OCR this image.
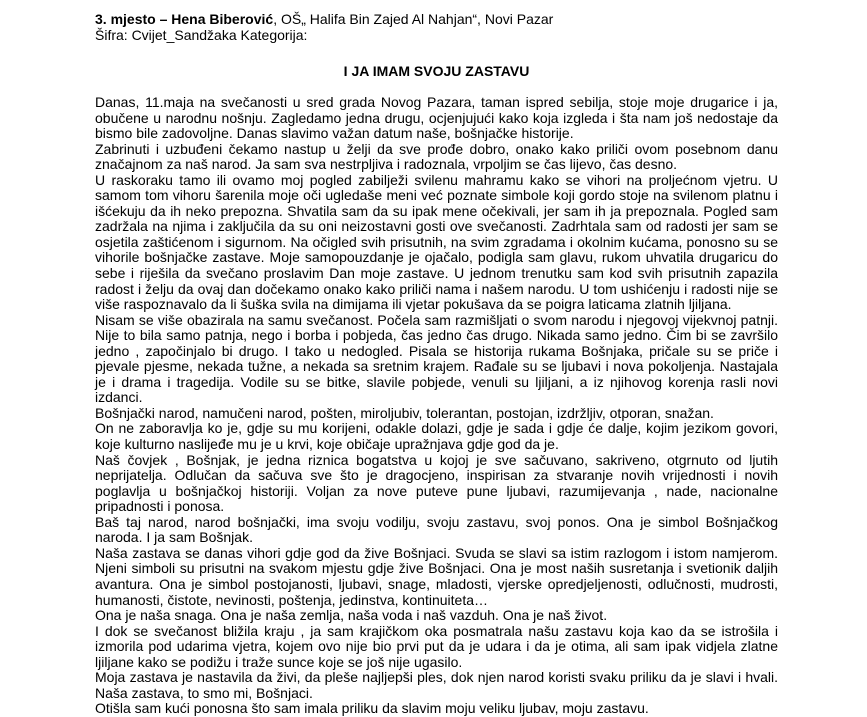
3. mjesto – Hena Biberović, OŠ„ Halifa Bin Zajed Al Nahjan“, Novi Pazar
Šifra: Cvijet_Sandžaka Kategorija:
I JA IMAM SVOJU ZASTAVU

Danas, 11.maja na svečanosti u sred grada Novog Pazara, taman ispred sebilja, stoje moje drugarice i ja, obučene u narodnu nošnju. Zagledamo jedna drugu, ocjenjujući kako koja izgleda i šta nam još nedostaje da bismo bile zadovoljne. Danas slavimo važan datum naše, bošnjačke historije.

Zabrinuti i uzbuđeni čekamo nastup u želji da sve prođe dobro, onako kako priliči ovom posebnom danu značajnom za naš narod. Ja sam sva nestrpljiva i radoznala, vrpoljim se čas lijevo, čas desno.

U raskoraku tamo ili ovamo moj pogled zabilježi svilenu mahramu kako se vihori na proljećnom vjetru. U samom tom vihoru šarenila moje oči ugledaše meni već poznate simbole koji gordo stoje na svilenom platnu i išćekuju da ih neko prepozna. Shvatila sam da su ipak mene očekivali, jer sam ih ja prepoznala. Pogled sam zadržala na njima i zaključila da su oni neizostavni gosti ove svečanosti. Zadrhtala sam od radosti jer sam se osjetila zaštićenom i sigurnom. Na očigled svih prisutnih, na svim zgradama i okolnim kućama, ponosno su se vihorile bošnjačke zastave. Moje samopouzdanje je ojačalo, podigla sam glavu, rukom uhvatila drugaricu do sebe i riješila da svečano proslavim Dan moje zastave. U jednom trenutku sam kod svih prisutnih zapazila radost i želju da ovaj dan dočekamo onako kako priliči nama i našem narodu. U tom ushićenju i radosti nije se više raspoznavalo da li šuška svila na dimijama ili vjetar pokušava da se poigra laticama zlatnih ljiljana.

Nisam se više obazirala na samu svečanost. Počela sam razmišljati o svom narodu i njegovoj vijekvnoj patnji. Nije to bila samo patnja, nego i borba i pobjeda, čas jedno čas drugo. Nikada samo jedno. Čim bi se završilo jedno , započinjalo bi drugo. I tako u nedogled. Pisala se historija rukama Bošnjaka, pričale su se priče i pjevale pjesme, nekada tužne, a nekada sa sretnim krajem. Rađale su se ljubavi i nova pokoljenja. Nastajala je i drama i tragedija. Vodile su se bitke, slavile pobjede, venuli su ljiljani, a iz njihovog korenja rasli novi izdanci.

Bošnjački narod, namučeni narod, pošten, miroljubiv, tolerantan, postojan, izdržljiv, otporan, snažan.

On ne zaboravlja ko je, gdje su mu korijeni, odakle dolazi, gdje je sada i gdje će dalje, kojim jezikom govori, koje kulturno naslijeđe mu je u krvi, koje običaje upražnjava gdje god da je.

Naš čovjek , Bošnjak, je jedna riznica bogatstva u kojoj je sve sačuvano, sakriveno, otgrnuto od ljutih neprijatelja. Odlučan da sačuva sve što je dragocjeno, inspirisan za stvaranje novih vrijednosti i novih poglavlja u bošnjačkoj historiji. Voljan za nove puteve pune ljubavi, razumijevanja , nade, nacionalne pripadnosti i ponosa.

Baš taj narod, narod bošnjački, ima svoju vodilju, svoju zastavu, svoj ponos. Ona je simbol Bošnjačkog naroda. I ja sam Bošnjak.

Naša zastava se danas vihori gdje god da žive Bošnjaci. Svuda se slavi sa istim razlogom i istom namjerom. Njeni simboli su prisutni na svakom mjestu gdje žive Bošnjaci. Ona je most naših susretanja i svetionik daljih avantura. Ona je simbol postojanosti, ljubavi, snage, mladosti, vjerske opredjeljenosti, odlučnosti, mudrosti, humanosti, čistote, nevinosti, poštenja, jedinstva, kontinuiteta…

Ona je naša snaga. Ona je naša zemlja, naša voda i naš vazduh. Ona je naš život.

I dok se svečanost bližila kraju , ja sam krajičkom oka posmatrala našu zastavu koja kao da se istrošila i izmorila pod udarima vjetra, kojem ovo nije bio prvi put da je udara i da je otima, ali sam ipak vidjela zlatne ljiljane kako se podižu i traže sunce koje se još nije ugasilo.

Moja zastava je nastavila da živi, da pleše najljepši ples, dok njen narod koristi svaku priliku da je slavi i hvali. Naša zastava, to smo mi, Bošnjaci.

Otišla sam kući ponosna što sam imala priliku da slavim moju veliku ljubav, moju zastavu.
